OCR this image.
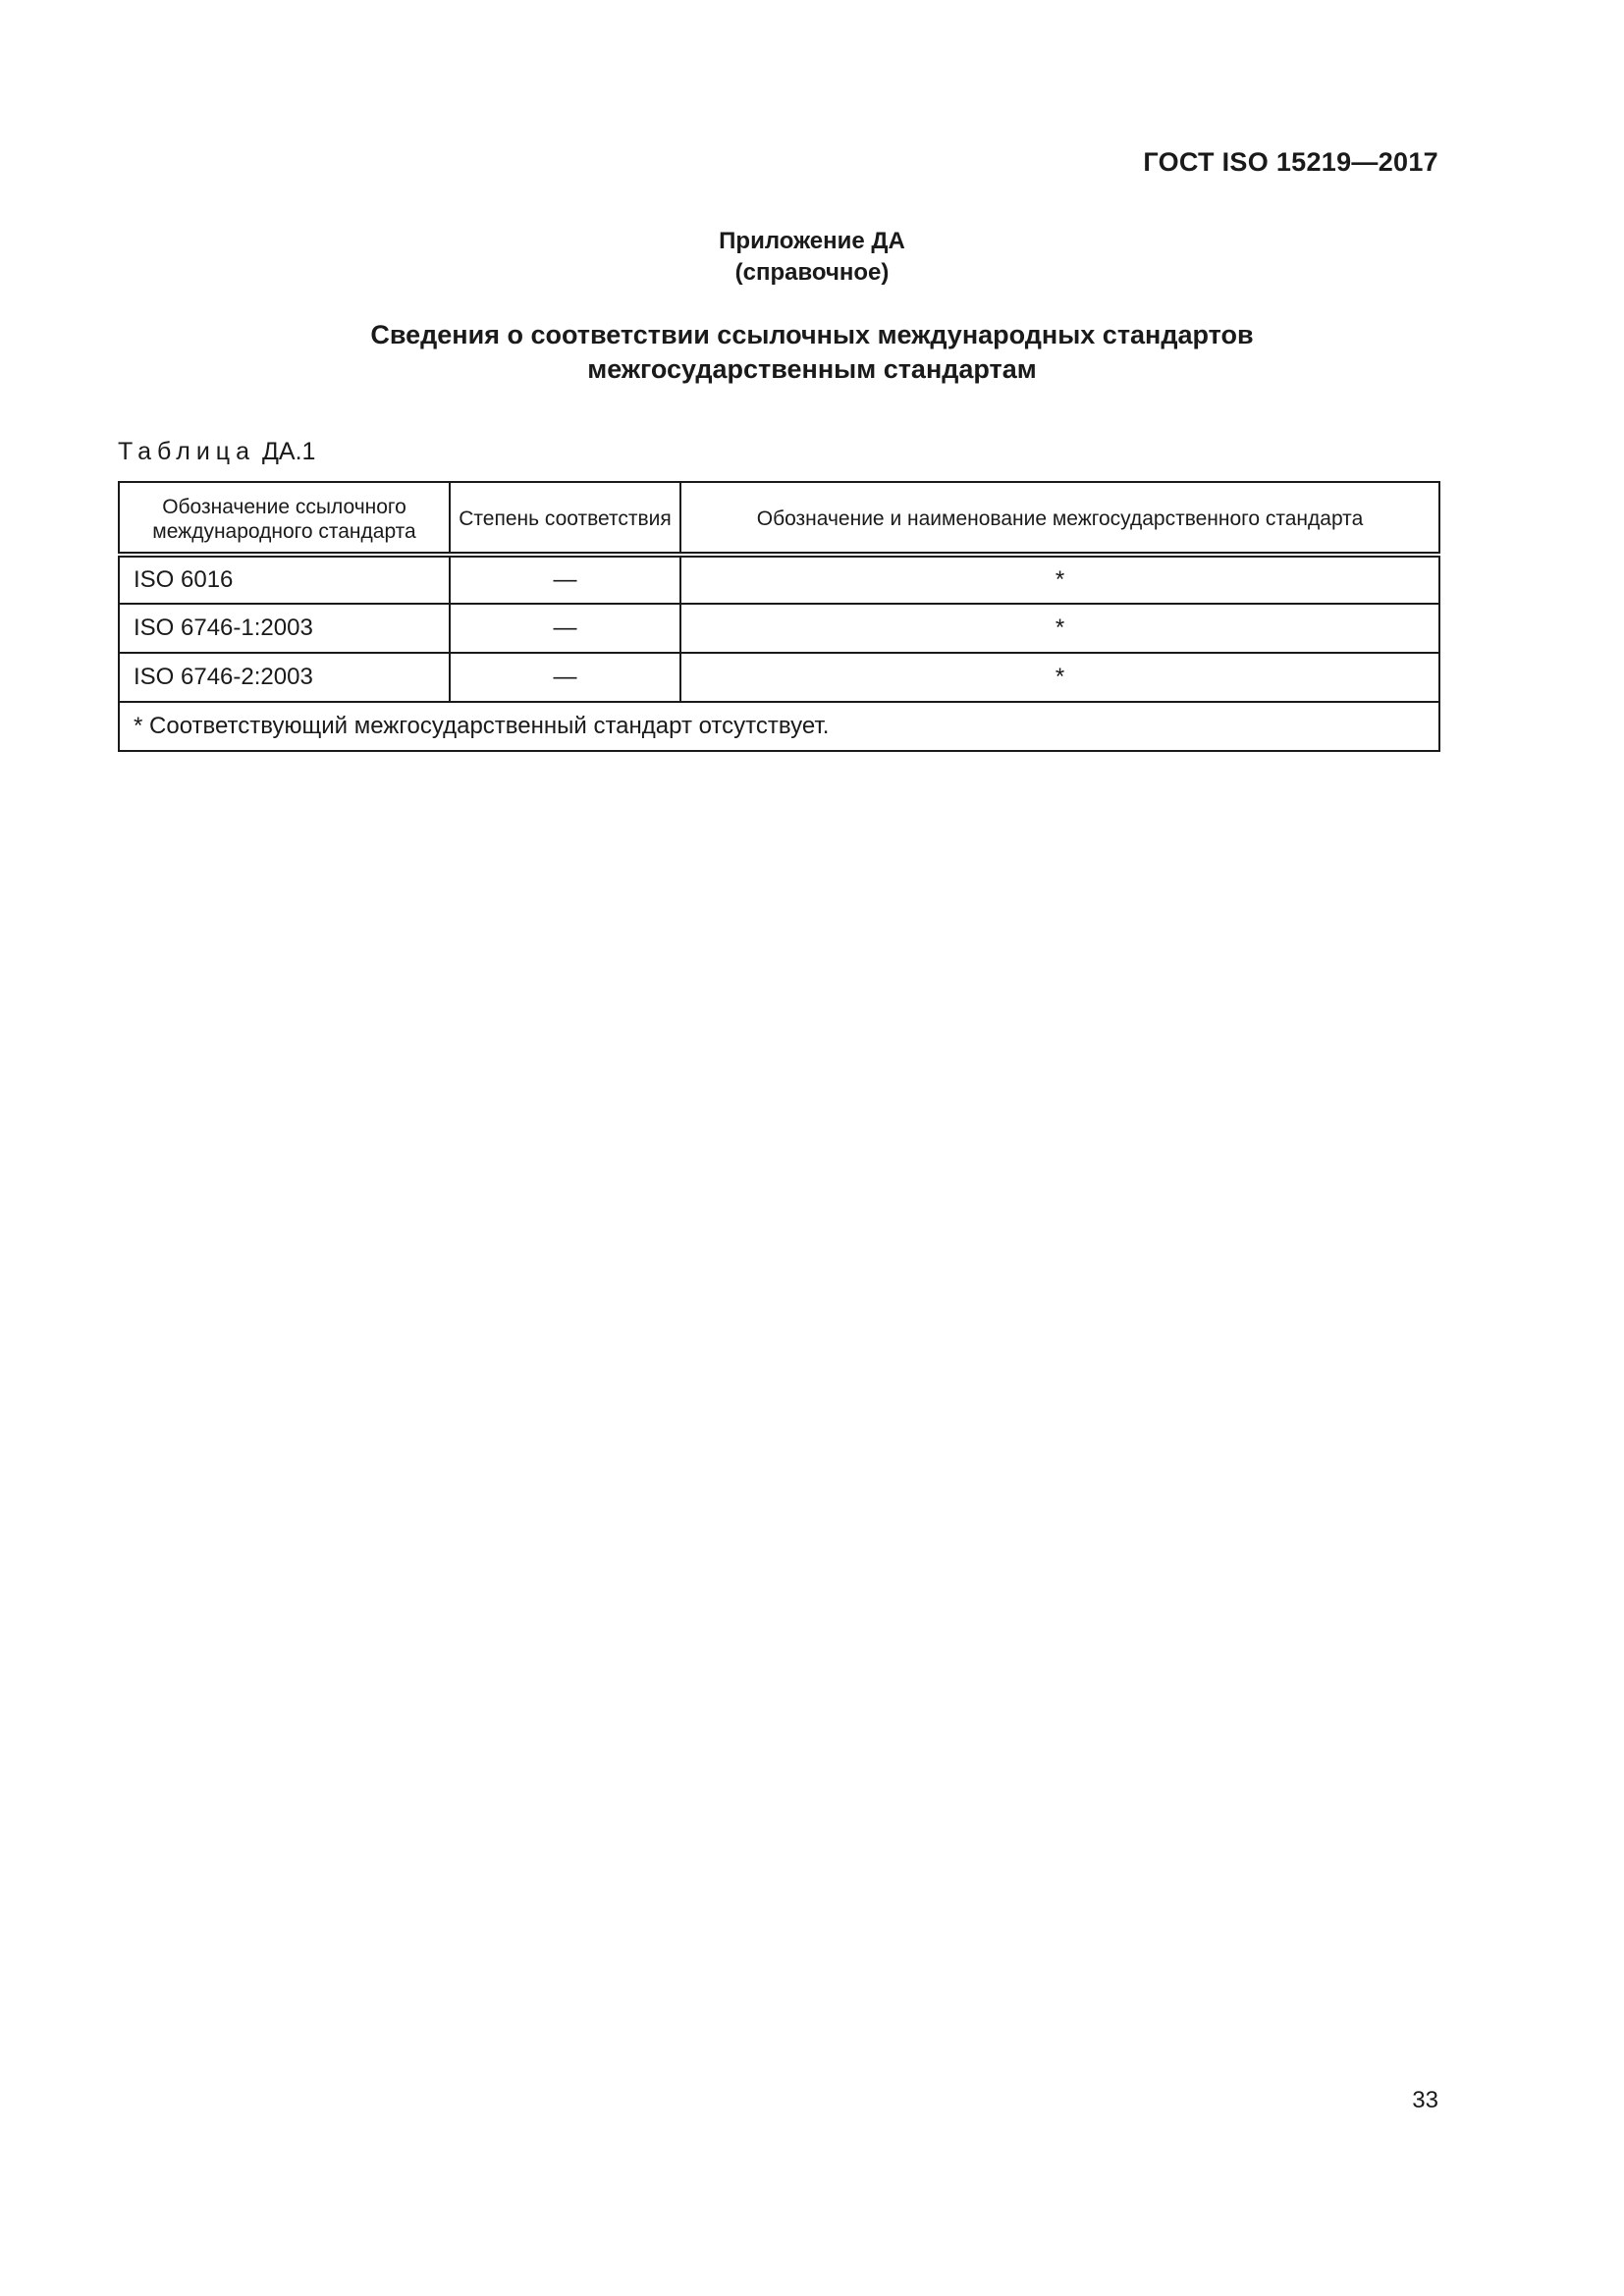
ГОСТ ISO 15219—2017
Приложение ДА
(справочное)
Сведения о соответствии ссылочных международных стандартов
межгосударственным стандартам
Таблица ДА.1
Обозначение ссылочного международного стандарта	Степень соответствия	Обозначение и наименование межгосударственного стандарта
ISO 6016	—	*
ISO 6746-1:2003	—	*
ISO 6746-2:2003	—	*
* Соответствующий межгосударственный стандарт отсутствует.		
33
